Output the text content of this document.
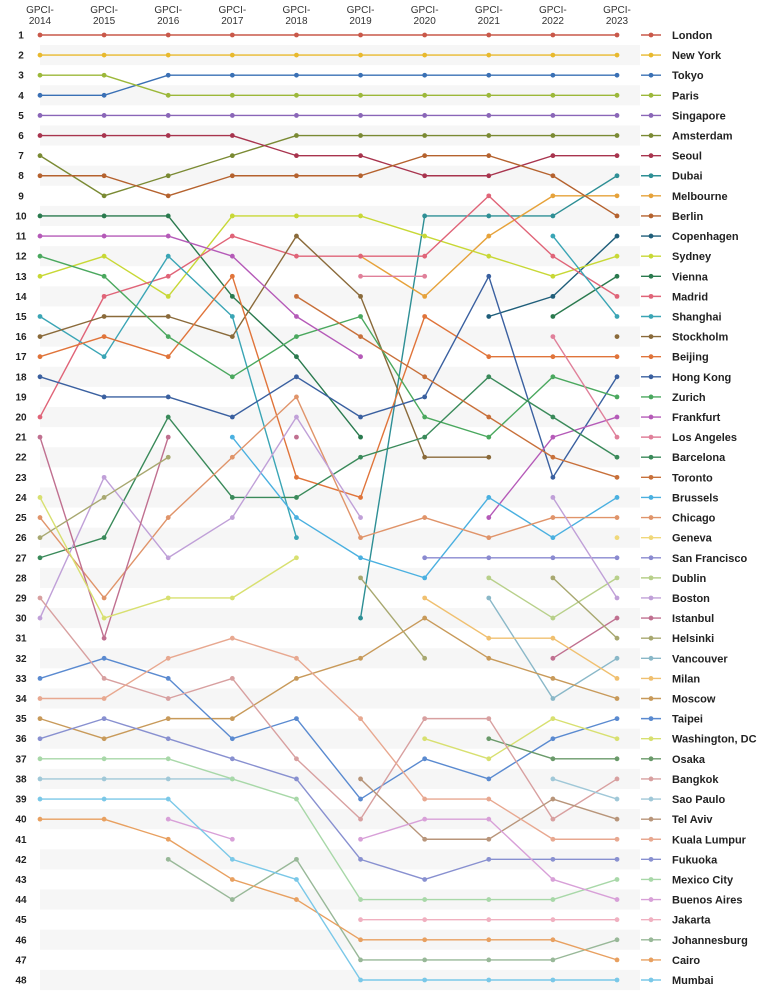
GPCI-2014
GPCI-2015
GPCI-2016
GPCI-2017
GPCI-2018
GPCI-2019
GPCI-2020
GPCI-2021
GPCI-2022
GPCI-2023
1
2
3
4
5
6
7
8
9
10
11
12
13
14
15
16
17
18
19
20
21
22
23
24
25
26
27
28
29
30
31
32
33
34
35
36
37
38
39
40
41
42
43
44
45
46
47
48
London
New York
Tokyo
Paris
Singapore
Amsterdam
Seoul
Dubai
Melbourne
Berlin
Copenhagen
Sydney
Vienna
Madrid
Shanghai
Stockholm
Beijing
Hong Kong
Zurich
Frankfurt
Los Angeles
Barcelona
Toronto
Brussels
Chicago
Geneva
San Francisco
Dublin
Boston
Istanbul
Helsinki
Vancouver
Milan
Moscow
Taipei
Washington, DC
Osaka
Bangkok
Sao Paulo
Tel Aviv
Kuala Lumpur
Fukuoka
Mexico City
Buenos Aires
Jakarta
Johannesburg
Cairo
Mumbai
